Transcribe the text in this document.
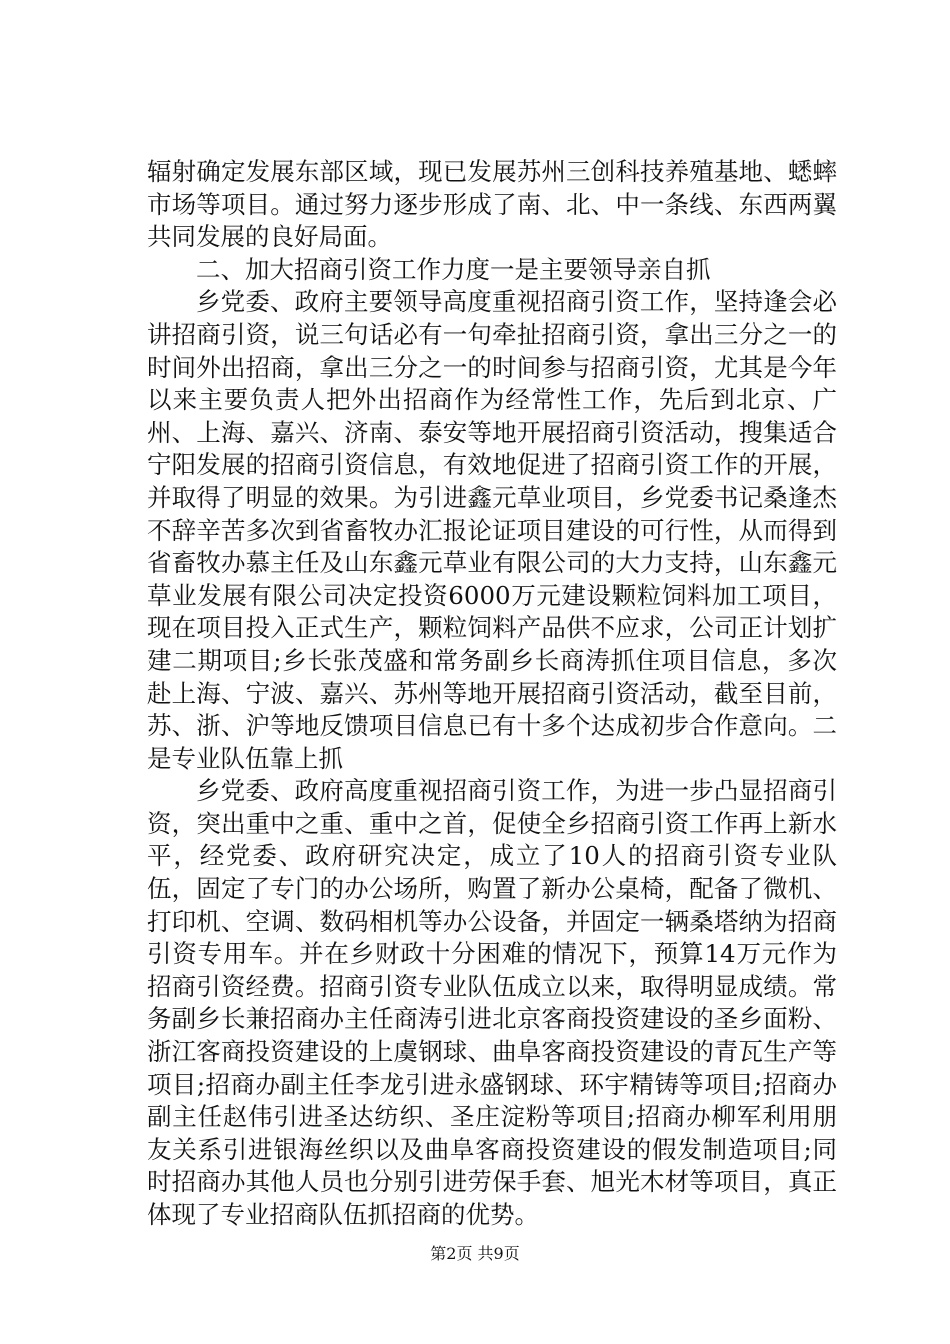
辐射确定发展东部区域，现已发展苏州三创科技养殖基地、蟋蟀市场等项目。通过努力逐步形成了南、北、中一条线、东西两翼共同发展的良好局面。

二、加大招商引资工作力度一是主要领导亲自抓

乡党委、政府主要领导高度重视招商引资工作，坚持逢会必讲招商引资，说三句话必有一句牵扯招商引资，拿出三分之一的时间外出招商，拿出三分之一的时间参与招商引资，尤其是今年以来主要负责人把外出招商作为经常性工作，先后到北京、广州、上海、嘉兴、济南、泰安等地开展招商引资活动，搜集适合宁阳发展的招商引资信息，有效地促进了招商引资工作的开展，并取得了明显的效果。为引进鑫元草业项目，乡党委书记桑逢杰不辞辛苦多次到省畜牧办汇报论证项目建设的可行性，从而得到省畜牧办慕主任及山东鑫元草业有限公司的大力支持，山东鑫元草业发展有限公司决定投资6000万元建设颗粒饲料加工项目，现在项目投入正式生产，颗粒饲料产品供不应求，公司正计划扩建二期项目;乡长张茂盛和常务副乡长商涛抓住项目信息，多次赴上海、宁波、嘉兴、苏州等地开展招商引资活动，截至目前，苏、浙、沪等地反馈项目信息已有十多个达成初步合作意向。二是专业队伍靠上抓

乡党委、政府高度重视招商引资工作，为进一步凸显招商引资，突出重中之重、重中之首，促使全乡招商引资工作再上新水平，经党委、政府研究决定，成立了10人的招商引资专业队伍，固定了专门的办公场所，购置了新办公桌椅，配备了微机、打印机、空调、数码相机等办公设备，并固定一辆桑塔纳为招商引资专用车。并在乡财政十分困难的情况下，预算14万元作为招商引资经费。招商引资专业队伍成立以来，取得明显成绩。常务副乡长兼招商办主任商涛引进北京客商投资建设的圣乡面粉、浙江客商投资建设的上虞钢球、曲阜客商投资建设的青瓦生产等项目;招商办副主任李龙引进永盛钢球、环宇精铸等项目;招商办副主任赵伟引进圣达纺织、圣庄淀粉等项目;招商办柳军利用朋友关系引进银海丝织以及曲阜客商投资建设的假发制造项目;同时招商办其他人员也分别引进劳保手套、旭光木材等项目，真正体现了专业招商队伍抓招商的优势。

第2页 共9页
